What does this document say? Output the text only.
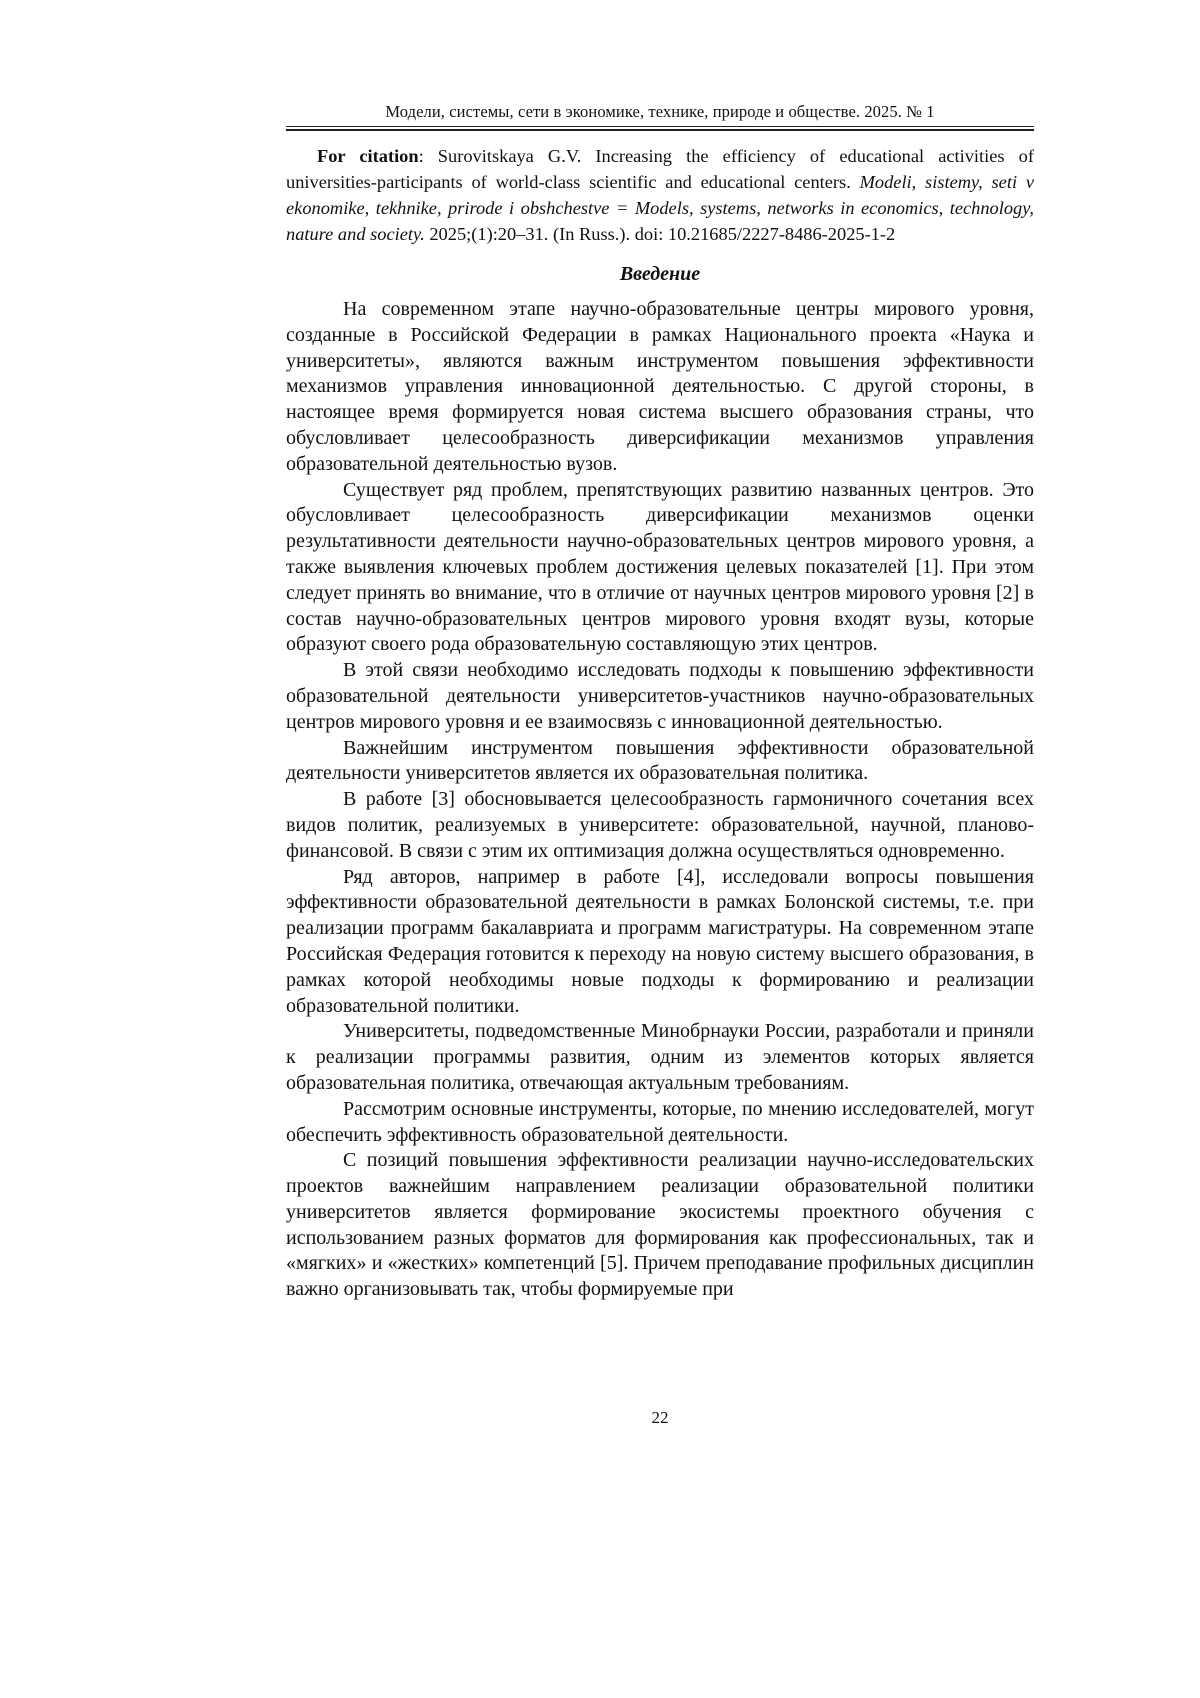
Модели, системы, сети в экономике, технике, природе и обществе. 2025. № 1

For citation: Surovitskaya G.V. Increasing the efficiency of educational activities of universities-participants of world-class scientific and educational centers. Modeli, sistemy, seti v ekonomike, tekhnike, prirode i obshchestve = Models, systems, networks in economics, technology, nature and society. 2025;(1):20–31. (In Russ.). doi: 10.21685/2227-8486-2025-1-2

Введение

На современном этапе научно-образовательные центры мирового уровня, созданные в Российской Федерации в рамках Национального проекта «Наука и университеты», являются важным инструментом повышения эффективности механизмов управления инновационной деятельностью. С другой стороны, в настоящее время формируется новая система высшего образования страны, что обусловливает целесообразность диверсификации механизмов управления образовательной деятельностью вузов.

Существует ряд проблем, препятствующих развитию названных центров. Это обусловливает целесообразность диверсификации механизмов оценки результативности деятельности научно-образовательных центров мирового уровня, а также выявления ключевых проблем достижения целевых показателей [1]. При этом следует принять во внимание, что в отличие от научных центров мирового уровня [2] в состав научно-образовательных центров мирового уровня входят вузы, которые образуют своего рода образовательную составляющую этих центров.

В этой связи необходимо исследовать подходы к повышению эффективности образовательной деятельности университетов-участников научно-образовательных центров мирового уровня и ее взаимосвязь с инновационной деятельностью.

Важнейшим инструментом повышения эффективности образовательной деятельности университетов является их образовательная политика.

В работе [3] обосновывается целесообразность гармоничного сочетания всех видов политик, реализуемых в университете: образовательной, научной, планово-финансовой. В связи с этим их оптимизация должна осуществляться одновременно.

Ряд авторов, например в работе [4], исследовали вопросы повышения эффективности образовательной деятельности в рамках Болонской системы, т.е. при реализации программ бакалавриата и программ магистратуры. На современном этапе Российская Федерация готовится к переходу на новую систему высшего образования, в рамках которой необходимы новые подходы к формированию и реализации образовательной политики.

Университеты, подведомственные Минобрнауки России, разработали и приняли к реализации программы развития, одним из элементов которых является образовательная политика, отвечающая актуальным требованиям.

Рассмотрим основные инструменты, которые, по мнению исследователей, могут обеспечить эффективность образовательной деятельности.

С позиций повышения эффективности реализации научно-исследовательских проектов важнейшим направлением реализации образовательной политики университетов является формирование экосистемы проектного обучения с использованием разных форматов для формирования как профессиональных, так и «мягких» и «жестких» компетенций [5]. Причем преподавание профильных дисциплин важно организовывать так, чтобы формируемые при

22
